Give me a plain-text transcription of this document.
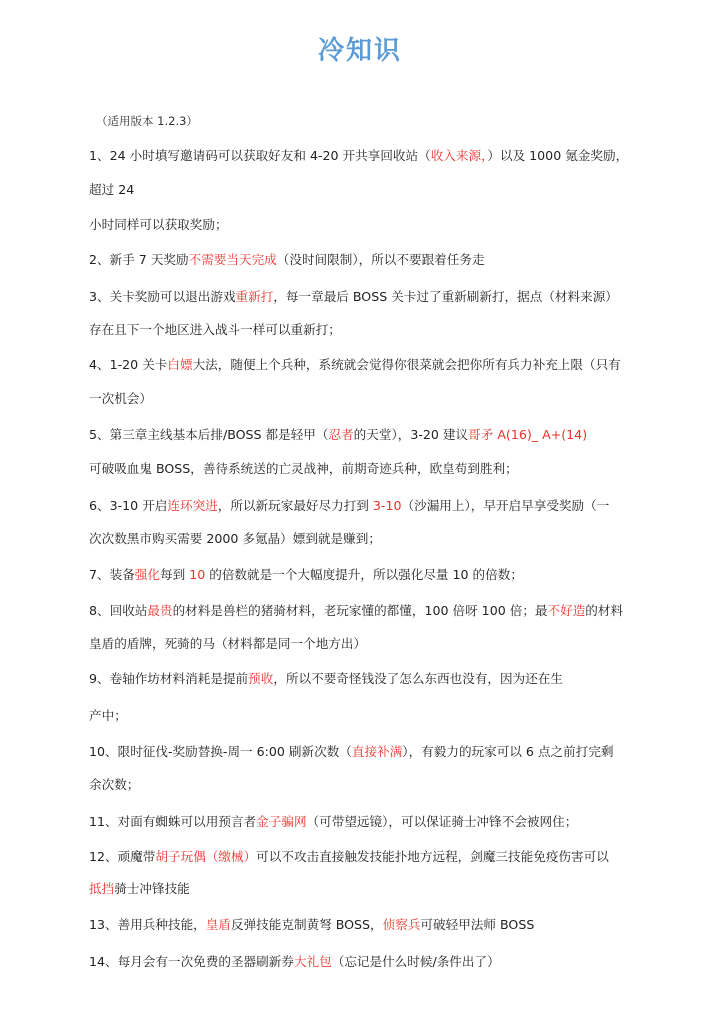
冷知识
（适用版本 1.2.3）
1、24 小时填写邀请码可以获取好友和 4-20 开共享回收站（收入来源，）以及 1000 氪金奖励，
超过 24
小时同样可以获取奖励；
2、新手 7 天奖励不需要当天完成（没时间限制），所以不要跟着任务走
3、关卡奖励可以退出游戏重新打，每一章最后 BOSS 关卡过了重新刷新打，据点（材料来源）
存在且下一个地区进入战斗一样可以重新打；
4、1-20 关卡白嫖大法，随便上个兵种，系统就会觉得你很菜就会把你所有兵力补充上限（只有
一次机会）
5、第三章主线基本后排/BOSS 都是轻甲（忍者的天堂），3-20 建议哥矛 A(16)_ A+(14)
可破吸血鬼 BOSS，善待系统送的亡灵战神，前期奇迹兵种，欧皇苟到胜利；
6、3-10 开启连环突进，所以新玩家最好尽力打到 3-10（沙漏用上），早开启早享受奖励（一
次次数黑市购买需要 2000 多氪晶）嫖到就是赚到；
7、装备强化每到 10 的倍数就是一个大幅度提升，所以强化尽量 10 的倍数；
8、回收站最贵的材料是兽栏的猪骑材料，老玩家懂的都懂，100 倍呀 100 倍；最不好造的材料
皇盾的盾牌，死骑的马（材料都是同一个地方出）
9、卷轴作坊材料消耗是提前预收，所以不要奇怪钱没了怎么东西也没有，因为还在生
产中；
10、限时征伐-奖励替换-周一 6:00 刷新次数（直接补满），有毅力的玩家可以 6 点之前打完剩
余次数；
11、对面有蜘蛛可以用预言者金子骗网（可带望远镜），可以保证骑士冲锋不会被网住；
12、顽魔带胡子玩偶（缴械）可以不攻击直接触发技能扑地方远程，剑魔三技能免疫伤害可以
抵挡骑士冲锋技能
13、善用兵种技能，皇盾反弹技能克制黄弩 BOSS，侦察兵可破轻甲法师 BOSS
14、每月会有一次免费的圣器刷新券大礼包（忘记是什么时候/条件出了）
